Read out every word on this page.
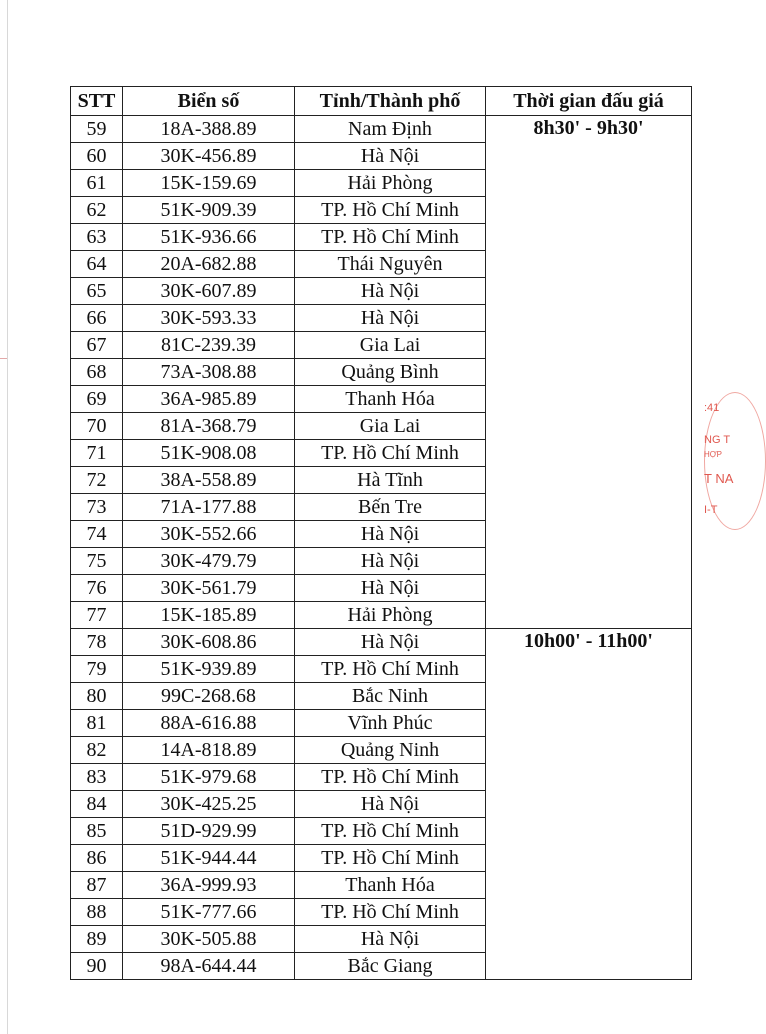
STT	Biển số	Tỉnh/Thành phố	Thời gian đấu giá
59	18A-388.89	Nam Định	8h30' - 9h30'
60	30K-456.89	Hà Nội	
61	15K-159.69	Hải Phòng	
62	51K-909.39	TP. Hồ Chí Minh	
63	51K-936.66	TP. Hồ Chí Minh	
64	20A-682.88	Thái Nguyên	
65	30K-607.89	Hà Nội	
66	30K-593.33	Hà Nội	
67	81C-239.39	Gia Lai	
68	73A-308.88	Quảng Bình	
69	36A-985.89	Thanh Hóa	
70	81A-368.79	Gia Lai	
71	51K-908.08	TP. Hồ Chí Minh	
72	38A-558.89	Hà Tĩnh	
73	71A-177.88	Bến Tre	
74	30K-552.66	Hà Nội	
75	30K-479.79	Hà Nội	
76	30K-561.79	Hà Nội	
77	15K-185.89	Hải Phòng	
78	30K-608.86	Hà Nội	10h00' - 11h00'
79	51K-939.89	TP. Hồ Chí Minh	
80	99C-268.68	Bắc Ninh	
81	88A-616.88	Vĩnh Phúc	
82	14A-818.89	Quảng Ninh	
83	51K-979.68	TP. Hồ Chí Minh	
84	30K-425.25	Hà Nội	
85	51D-929.99	TP. Hồ Chí Minh	
86	51K-944.44	TP. Hồ Chí Minh	
87	36A-999.93	Thanh Hóa	
88	51K-777.66	TP. Hồ Chí Minh	
89	30K-505.88	Hà Nội	
90	98A-644.44	Bắc Giang	
:41
NG T
HỢP
T NA
I-T
